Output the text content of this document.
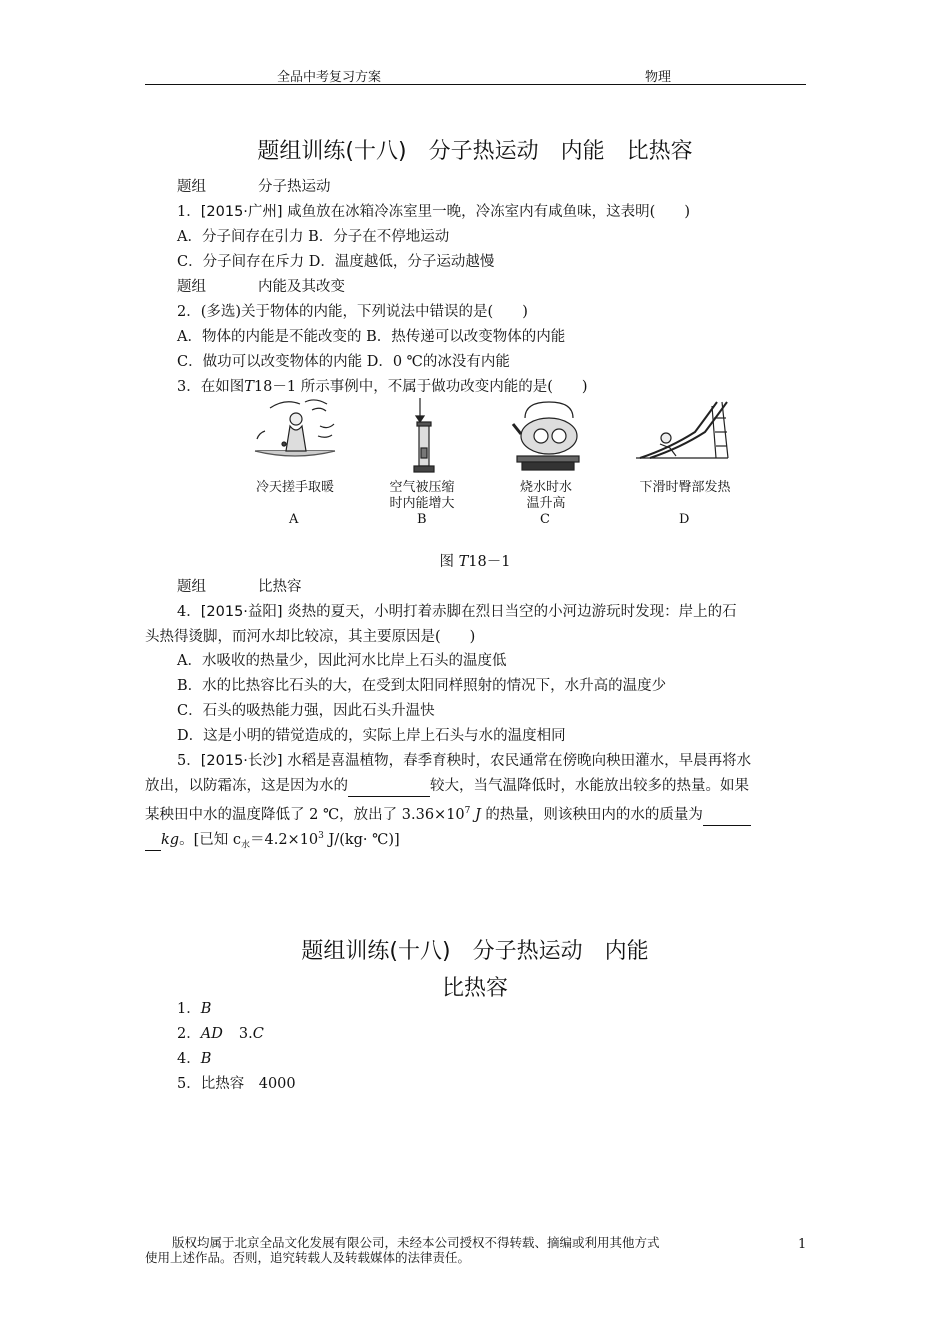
全品中考复习方案	物理
题组训练(十八)　分子热运动　内能　比热容
题组	分子热运动
1．[2015·广州] 咸鱼放在冰箱冷冻室里一晚，冷冻室内有咸鱼味，这表明(　　)
A．分子间存在引力 B．分子在不停地运动
C．分子间存在斥力 D．温度越低，分子运动越慢
题组	内能及其改变
2．(多选)关于物体的内能，下列说法中错误的是(　　)
A．物体的内能是不能改变的 B．热传递可以改变物体的内能
C．做功可以改变物体的内能 D．0 ℃的冰没有内能
3．在如图T18－1 所示事例中，不属于做功改变内能的是(　　)
冷天搓手取暖
A
空气被压缩
时内能增大
B
烧水时水
温升高
C
下滑时臀部发热
D
图 T18－1
题组	比热容
4．[2015·益阳] 炎热的夏天，小明打着赤脚在烈日当空的小河边游玩时发现：岸上的石
头热得烫脚，而河水却比较凉，其主要原因是(　　)
A．水吸收的热量少，因此河水比岸上石头的温度低
B．水的比热容比石头的大，在受到太阳同样照射的情况下，水升高的温度少
C．石头的吸热能力强，因此石头升温快
D．这是小明的错觉造成的，实际上岸上石头与水的温度相同
5．[2015·长沙] 水稻是喜温植物，春季育秧时，农民通常在傍晚向秧田灌水，早晨再将水
放出，以防霜冻，这是因为水的	较大，当气温降低时，水能放出较多的热量。如果
某秧田中水的温度降低了 2 ℃，放出了 $3.36\times 10^7$ J 的热量，则该秧田内的水的质量为
kg。[已知 $c_水=4.2\times 10^3$ J/(kg· ℃)]
题组训练(十八)　分子热运动　内能
比热容
1．B
2．AD 3.C
4．B
5．比热容　4000
版权均属于北京全品文化发展有限公司，未经本公司授权不得转载、摘编或利用其他方式
使用上述作品。否则，追究转载人及转载媒体的法律责任。
1
